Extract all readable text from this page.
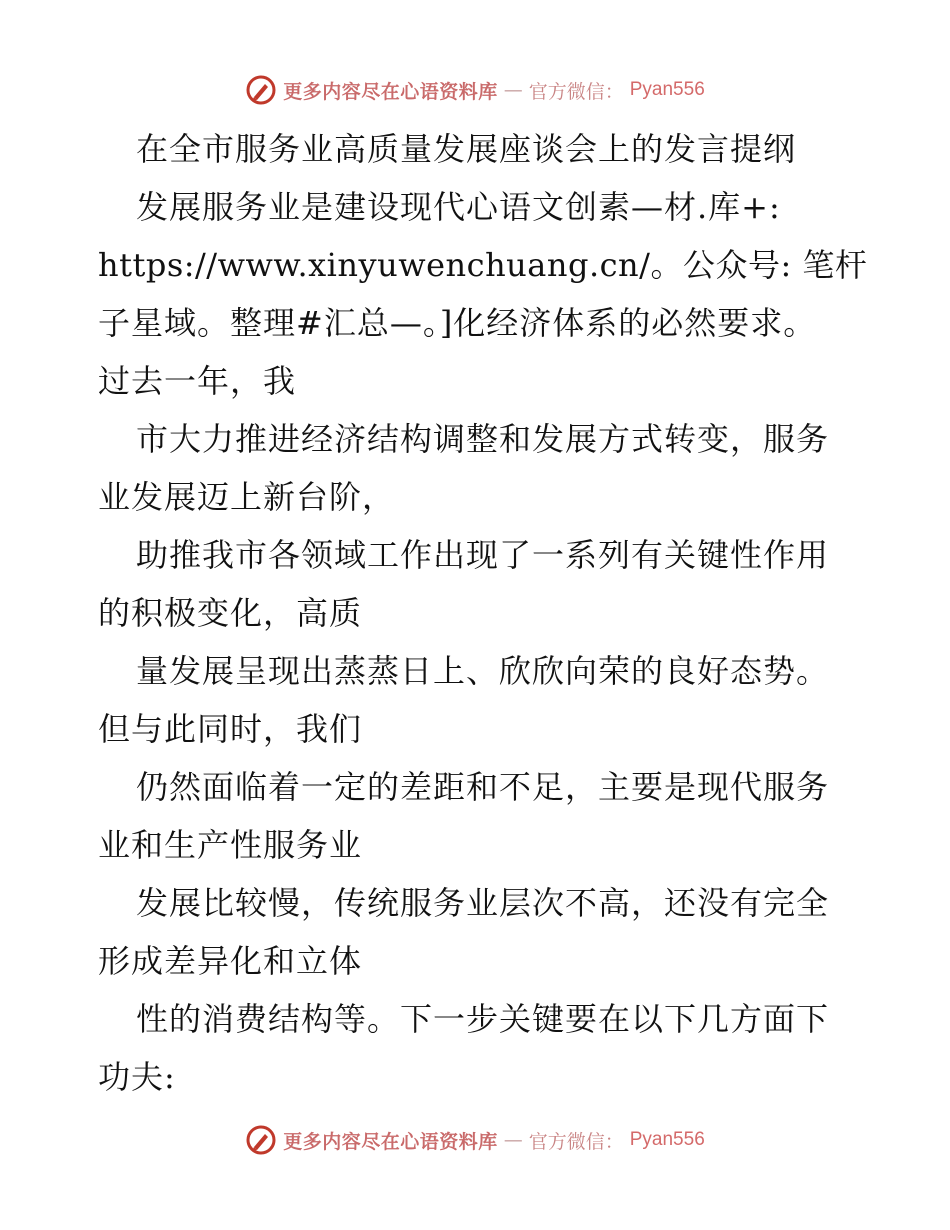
更多内容尽在心语资料库 — 官方微信： Pyan556
在全市服务业高质量发展座谈会上的发言提纲
发展服务业是建设现代心语文创素—材.库+:
https://www.xinyuwenchuang.cn/。公众号: 笔杆
子星域。整理#汇总—。]化经济体系的必然要求。
过去一年，我
市大力推进经济结构调整和发展方式转变，服务
业发展迈上新台阶，
助推我市各领域工作出现了一系列有关键性作用
的积极变化，高质
量发展呈现出蒸蒸日上、欣欣向荣的良好态势。
但与此同时，我们
仍然面临着一定的差距和不足，主要是现代服务
业和生产性服务业
发展比较慢，传统服务业层次不高，还没有完全
形成差异化和立体
性的消费结构等。下一步关键要在以下几方面下
功夫:
更多内容尽在心语资料库 — 官方微信： Pyan556
